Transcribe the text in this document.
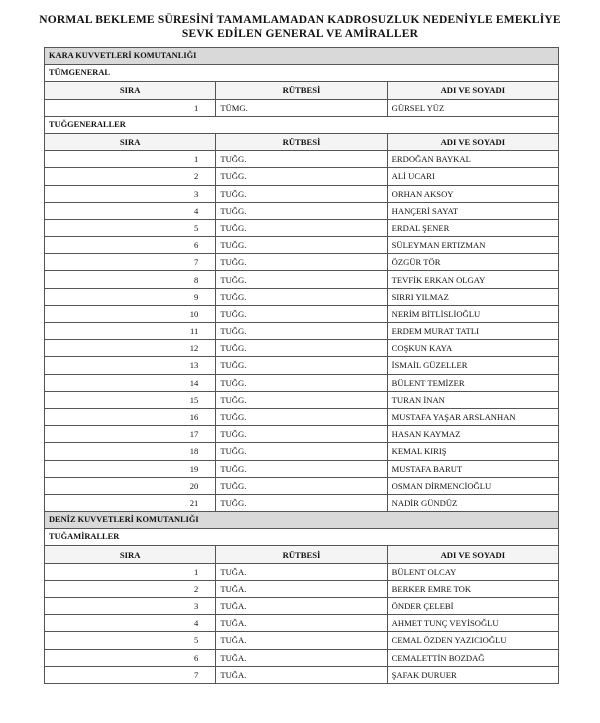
NORMAL BEKLEME SÜRESİNİ TAMAMLAMADAN KADROSUZLUK NEDENİYLE EMEKLİYE
SEVK EDİLEN GENERAL VE AMİRALLER
KARA KUVVETLERİ KOMUTANLIĞI		
TÜMGENERAL		
SIRA	RÜTBESİ	ADI VE SOYADI
1	TÜMG.	GÜRSEL YÜZ
TUĞGENERALLER		
SIRA	RÜTBESİ	ADI VE SOYADI
1	TUĞG.	ERDOĞAN BAYKAL
2	TUĞG.	ALİ UCARI
3	TUĞG.	ORHAN AKSOY
4	TUĞG.	HANÇERİ SAYAT
5	TUĞG.	ERDAL ŞENER
6	TUĞG.	SÜLEYMAN ERTIZMAN
7	TUĞG.	ÖZGÜR TÖR
8	TUĞG.	TEVFİK ERKAN OLGAY
9	TUĞG.	SIRRI YILMAZ
10	TUĞG.	NERİM BİTLİSLİOĞLU
11	TUĞG.	ERDEM MURAT TATLI
12	TUĞG.	COŞKUN KAYA
13	TUĞG.	İSMAİL GÜZELLER
14	TUĞG.	BÜLENT TEMİZER
15	TUĞG.	TURAN İNAN
16	TUĞG.	MUSTAFA YAŞAR ARSLANHAN
17	TUĞG.	HASAN KAYMAZ
18	TUĞG.	KEMAL KIRIŞ
19	TUĞG.	MUSTAFA BARUT
20	TUĞG.	OSMAN DİRMENCİOĞLU
21	TUĞG.	NADİR GÜNDÜZ
DENİZ KUVVETLERİ KOMUTANLIĞI		
TUĞAMİRALLER		
SIRA	RÜTBESİ	ADI VE SOYADI
1	TUĞA.	BÜLENT OLCAY
2	TUĞA.	BERKER EMRE TOK
3	TUĞA.	ÖNDER ÇELEBİ
4	TUĞA.	AHMET TUNÇ VEYİSOĞLU
5	TUĞA.	CEMAL ÖZDEN YAZICIOĞLU
6	TUĞA.	CEMALETTİN BOZDAĞ
7	TUĞA.	ŞAFAK DURUER
